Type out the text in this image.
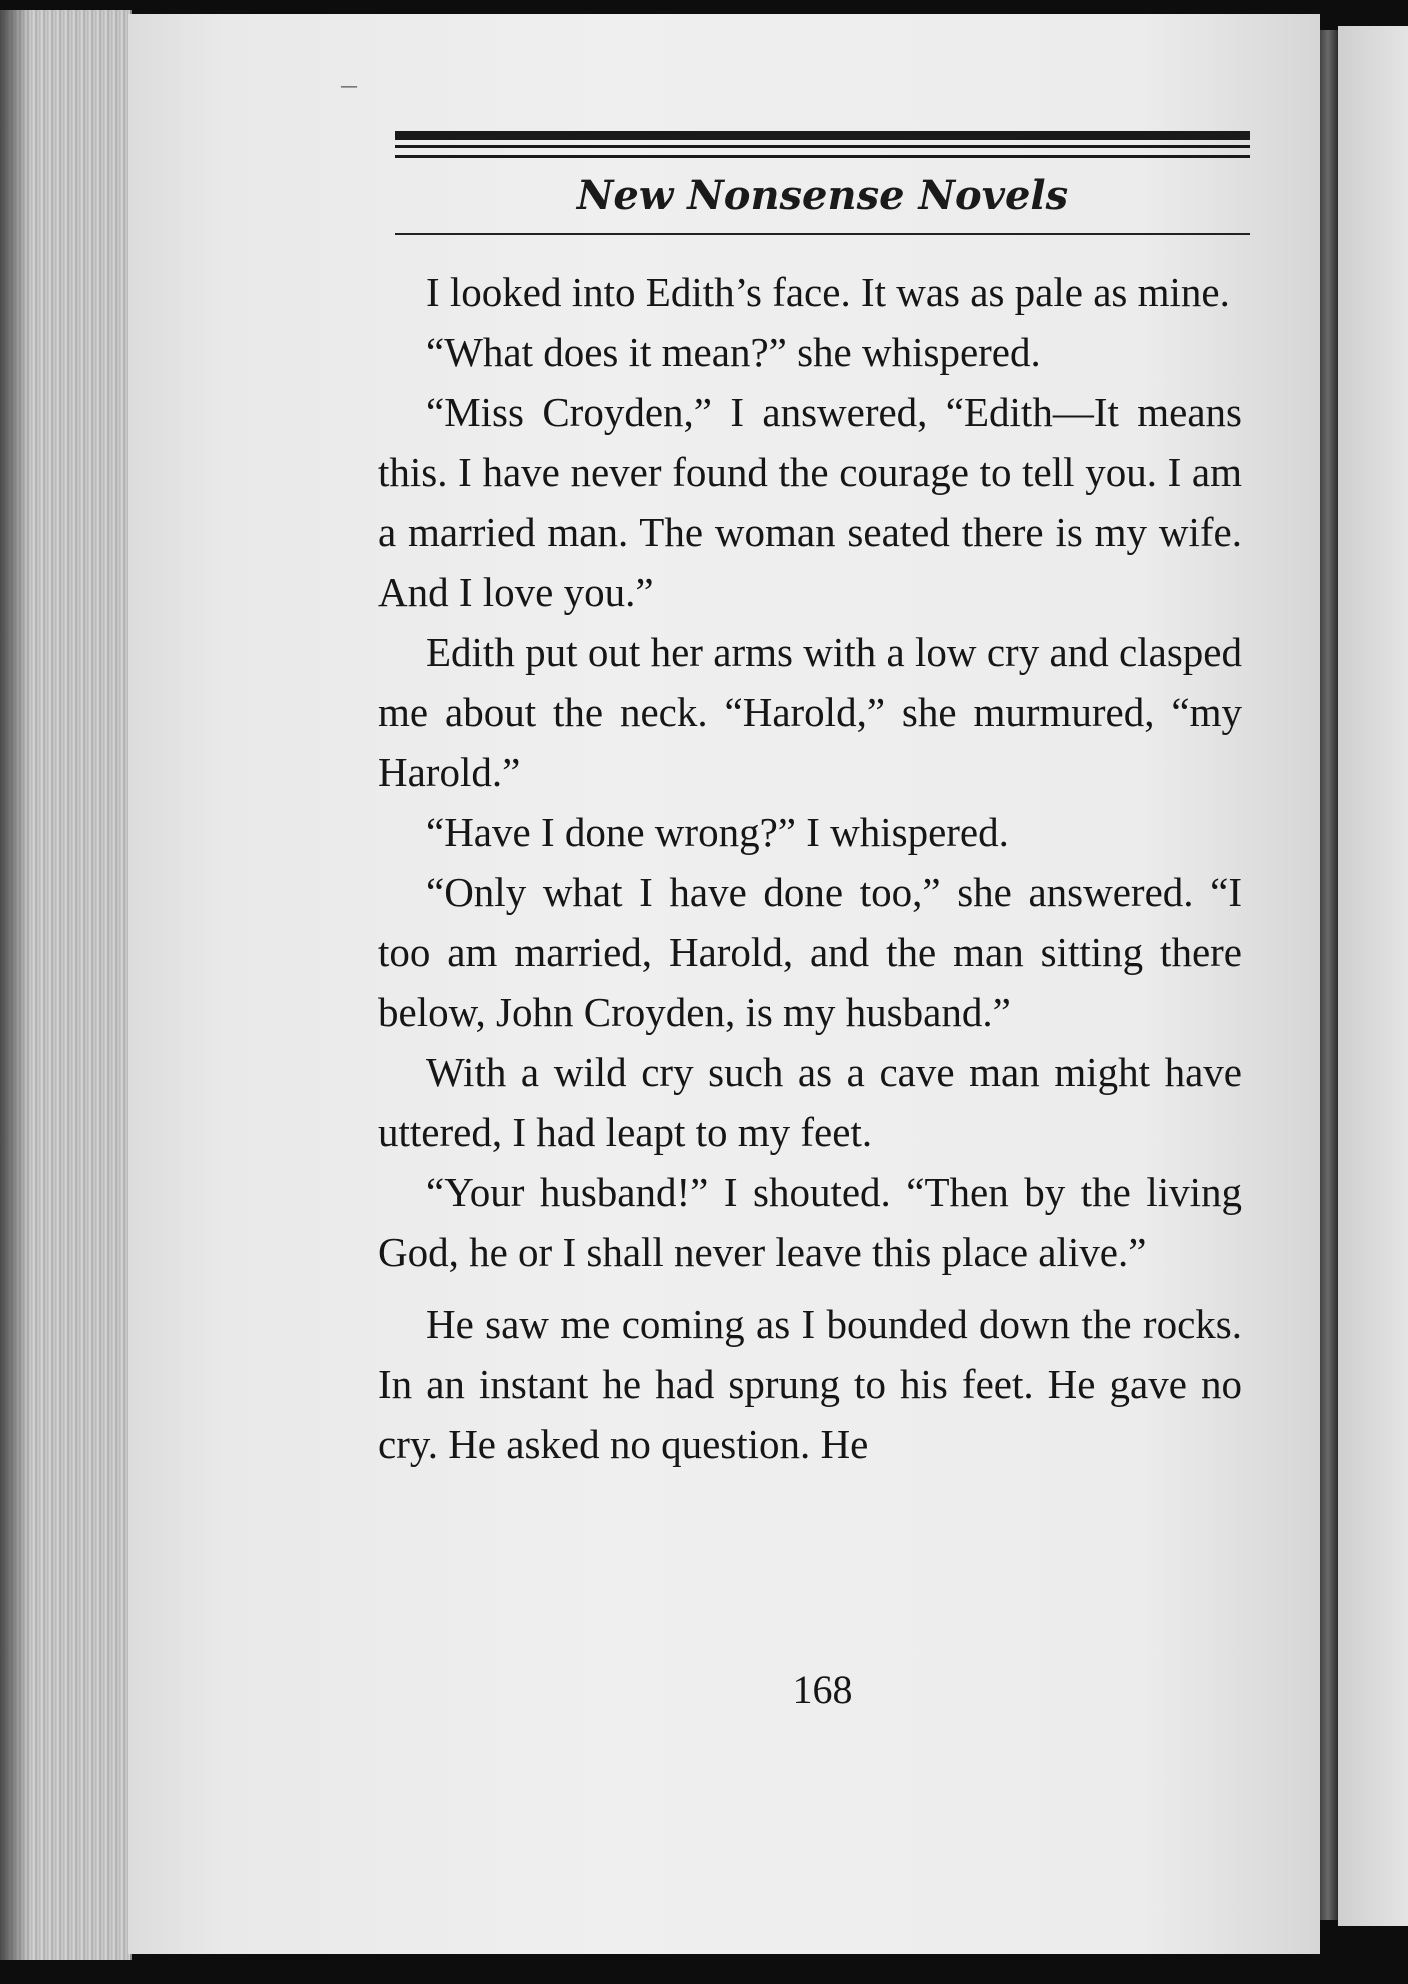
—
New Nonsense Novels

I looked into Edith’s face. It was as pale as mine.

“What does it mean?” she whispered.

“Miss Croyden,” I answered, “Edith—It means this. I have never found the courage to tell you. I am a married man. The woman seated there is my wife. And I love you.”

Edith put out her arms with a low cry and clasped me about the neck. “Harold,” she murmured, “my Harold.”

“Have I done wrong?” I whispered.

“Only what I have done too,” she answered. “I too am married, Harold, and the man sitting there below, John Croyden, is my husband.”

With a wild cry such as a cave man might have uttered, I had leapt to my feet.

“Your husband!” I shouted. “Then by the living God, he or I shall never leave this place alive.”

He saw me coming as I bounded down the rocks. In an instant he had sprung to his feet. He gave no cry. He asked no question. He

168
